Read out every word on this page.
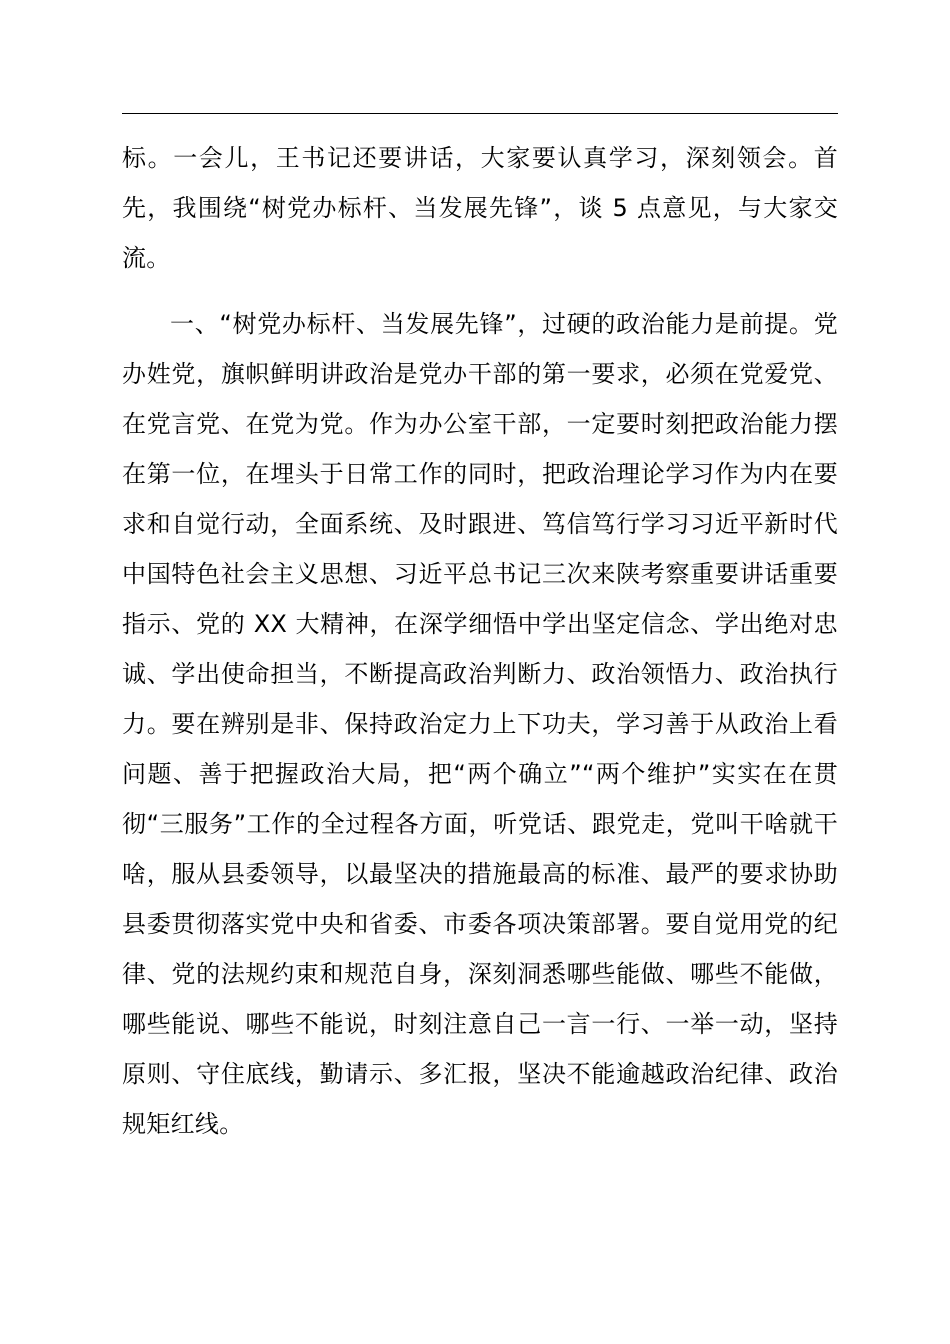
标。一会儿，王书记还要讲话，大家要认真学习，深刻领会。首先，我围绕“树党办标杆、当发展先锋”，谈 5 点意见，与大家交流。

一、“树党办标杆、当发展先锋”，过硬的政治能力是前提。党办姓党，旗帜鲜明讲政治是党办干部的第一要求，必须在党爱党、在党言党、在党为党。作为办公室干部，一定要时刻把政治能力摆在第一位，在埋头于日常工作的同时，把政治理论学习作为内在要求和自觉行动，全面系统、及时跟进、笃信笃行学习习近平新时代中国特色社会主义思想、习近平总书记三次来陕考察重要讲话重要指示、党的 XX 大精神，在深学细悟中学出坚定信念、学出绝对忠诚、学出使命担当，不断提高政治判断力、政治领悟力、政治执行力。要在辨别是非、保持政治定力上下功夫，学习善于从政治上看问题、善于把握政治大局，把“两个确立”“两个维护”实实在在贯彻“三服务”工作的全过程各方面，听党话、跟党走，党叫干啥就干啥，服从县委领导，以最坚决的措施最高的标准、最严的要求协助县委贯彻落实党中央和省委、市委各项决策部署。要自觉用党的纪律、党的法规约束和规范自身，深刻洞悉哪些能做、哪些不能做，哪些能说、哪些不能说，时刻注意自己一言一行、一举一动，坚持原则、守住底线，勤请示、多汇报，坚决不能逾越政治纪律、政治规矩红线。
